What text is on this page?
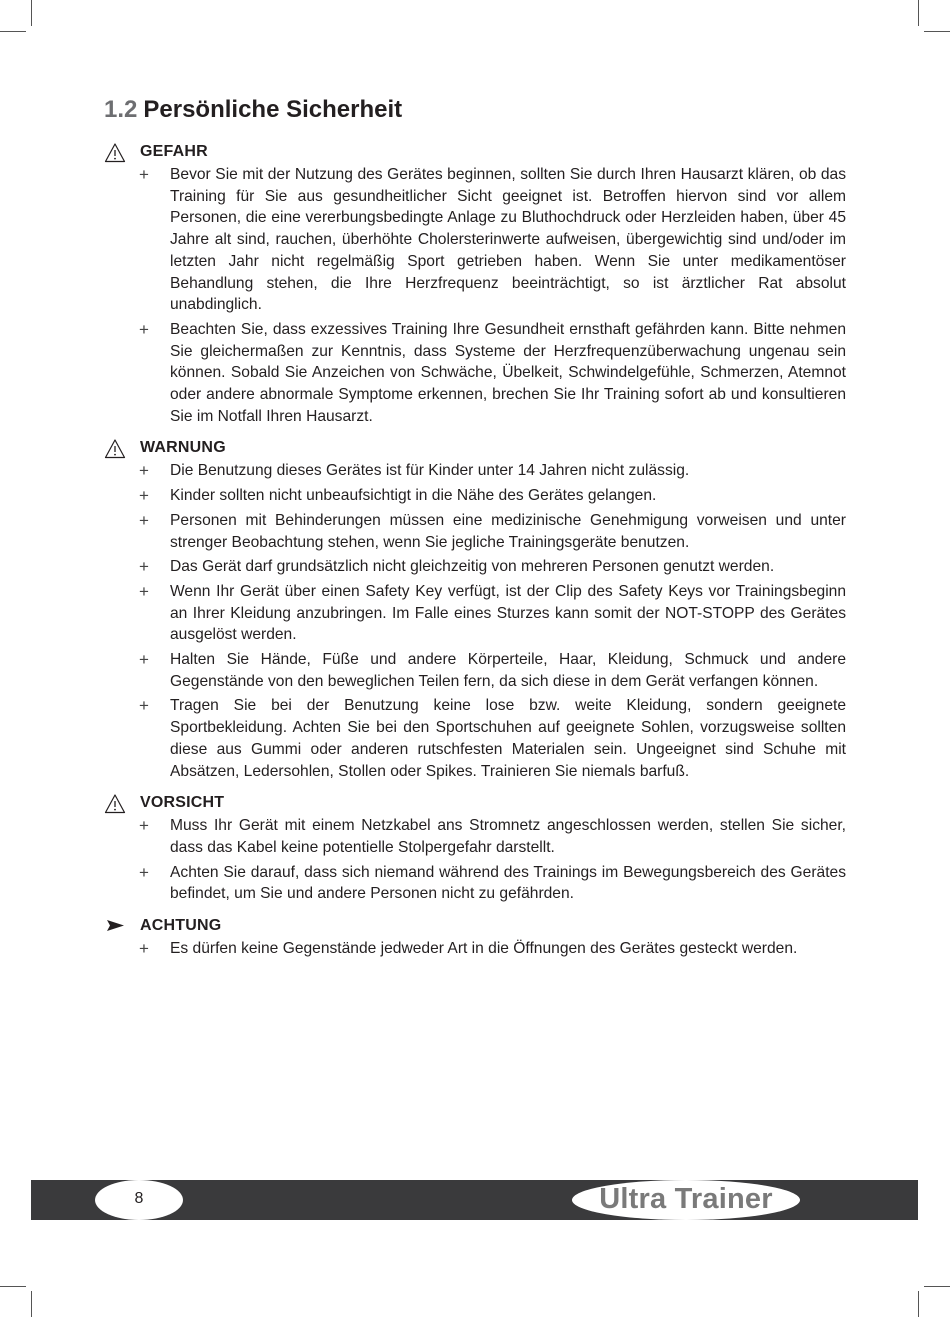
1.2 Persönliche Sicherheit
GEFAHR
+ Bevor Sie mit der Nutzung des Gerätes beginnen, sollten Sie durch Ihren Hausarzt klären, ob das Training für Sie aus gesundheitlicher Sicht geeignet ist. Betroffen hiervon sind vor allem Personen, die eine vererbungsbedingte Anlage zu Bluthochdruck oder Herzleiden haben, über 45 Jahre alt sind, rauchen, überhöhte Cholersterinwerte aufweisen, übergewichtig sind und/oder im letzten Jahr nicht regelmäßig Sport getrieben haben. Wenn Sie unter medikamentöser Behandlung stehen, die Ihre Herzfrequenz beeinträchtigt, so ist ärztlicher Rat absolut unabdinglich.
+ Beachten Sie, dass exzessives Training Ihre Gesundheit ernsthaft gefährden kann. Bitte nehmen Sie gleichermaßen zur Kenntnis, dass Systeme der Herzfrequenzüberwachung ungenau sein können. Sobald Sie Anzeichen von Schwäche, Übelkeit, Schwindelgefühle, Schmerzen, Atemnot oder andere abnormale Symptome erkennen, brechen Sie Ihr Training sofort ab und konsultieren Sie im Notfall Ihren Hausarzt.
WARNUNG
+ Die Benutzung dieses Gerätes ist für Kinder unter 14 Jahren nicht zulässig.
+ Kinder sollten nicht unbeaufsichtigt in die Nähe des Gerätes gelangen.
+ Personen mit Behinderungen müssen eine medizinische Genehmigung vorweisen und unter strenger Beobachtung stehen, wenn Sie jegliche Trainingsgeräte benutzen.
+ Das Gerät darf grundsätzlich nicht gleichzeitig von mehreren Personen genutzt werden.
+ Wenn Ihr Gerät über einen Safety Key verfügt, ist der Clip des Safety Keys vor Trainingsbeginn an Ihrer Kleidung anzubringen. Im Falle eines Sturzes kann somit der NOT-STOPP des Gerätes ausgelöst werden.
+ Halten Sie Hände, Füße und andere Körperteile, Haar, Kleidung, Schmuck und andere Gegenstände von den beweglichen Teilen fern, da sich diese in dem Gerät verfangen können.
+ Tragen Sie bei der Benutzung keine lose bzw. weite Kleidung, sondern geeignete Sportbekleidung. Achten Sie bei den Sportschuhen auf geeignete Sohlen, vorzugsweise sollten diese aus Gummi oder anderen rutschfesten Materialen sein. Ungeeignet sind Schuhe mit Absätzen, Ledersohlen, Stollen oder Spikes. Trainieren Sie niemals barfuß.
VORSICHT
+ Muss Ihr Gerät mit einem Netzkabel ans Stromnetz angeschlossen werden, stellen Sie sicher, dass das Kabel keine potentielle Stolpergefahr darstellt.
+ Achten Sie darauf, dass sich niemand während des Trainings im Bewegungsbereich des Gerätes befindet, um Sie und andere Personen nicht zu gefährden.
ACHTUNG
+ Es dürfen keine Gegenstände jedweder Art in die Öffnungen des Gerätes gesteckt werden.
8	Ultra Trainer
